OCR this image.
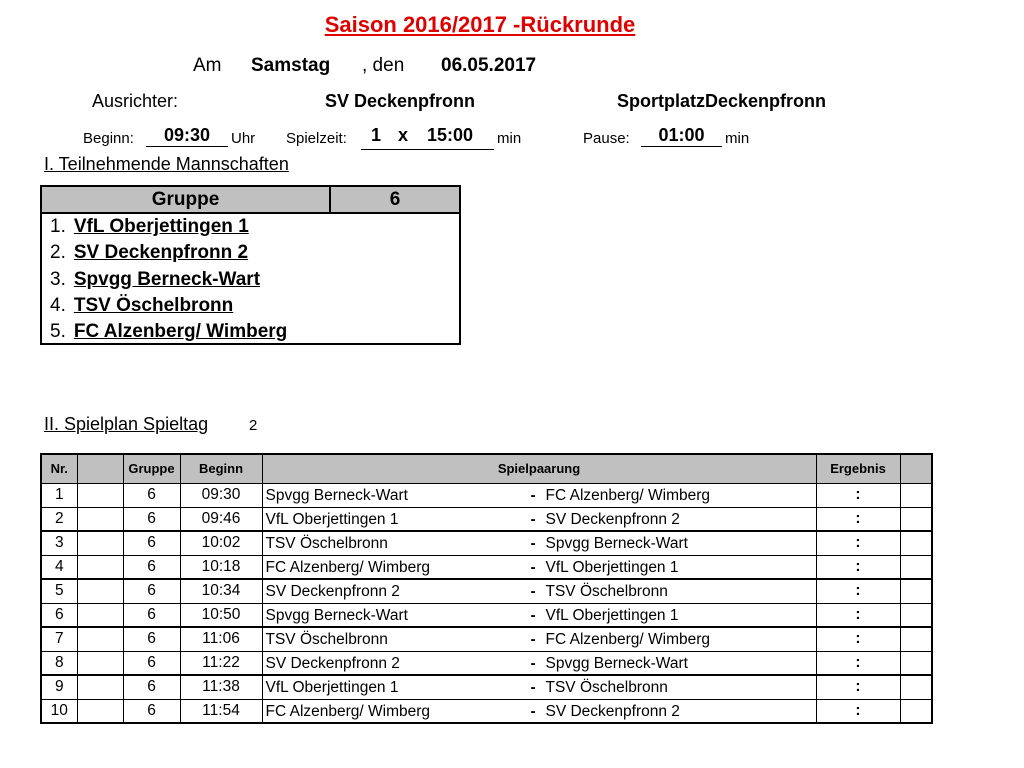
Saison 2016/2017 -Rückrunde
Am Samstag , den 06.05.2017
Ausrichter:	SV Deckenpfronn	SportplatzDeckenpfronn
Beginn:	09:30	Uhr Spielzeit: 1 x 15:00 min	Pause:	01:00	min
I. Teilnehmende Mannschaften
Gruppe	6
1. VfL Oberjettingen 1
2. SV Deckenpfronn 2
3. Spvgg Berneck-Wart
4. TSV Öschelbronn
5. FC Alzenberg/ Wimberg
II. Spielplan Spieltag	2
Nr.		Gruppe	Beginn	Spielpaarung	Ergebnis	
1		6	09:30	Spvgg Berneck-Wart - FC Alzenberg/ Wimberg	:	
2		6	09:46	VfL Oberjettingen 1 - SV Deckenpfronn 2	:	
3		6	10:02	TSV Öschelbronn - Spvgg Berneck-Wart	:	
4		6	10:18	FC Alzenberg/ Wimberg - VfL Oberjettingen 1	:	
5		6	10:34	SV Deckenpfronn 2 - TSV Öschelbronn	:	
6		6	10:50	Spvgg Berneck-Wart - VfL Oberjettingen 1	:	
7		6	11:06	TSV Öschelbronn - FC Alzenberg/ Wimberg	:	
8		6	11:22	SV Deckenpfronn 2 - Spvgg Berneck-Wart	:	
9		6	11:38	VfL Oberjettingen 1 - TSV Öschelbronn	:	
10		6	11:54	FC Alzenberg/ Wimberg - SV Deckenpfronn 2	:	
